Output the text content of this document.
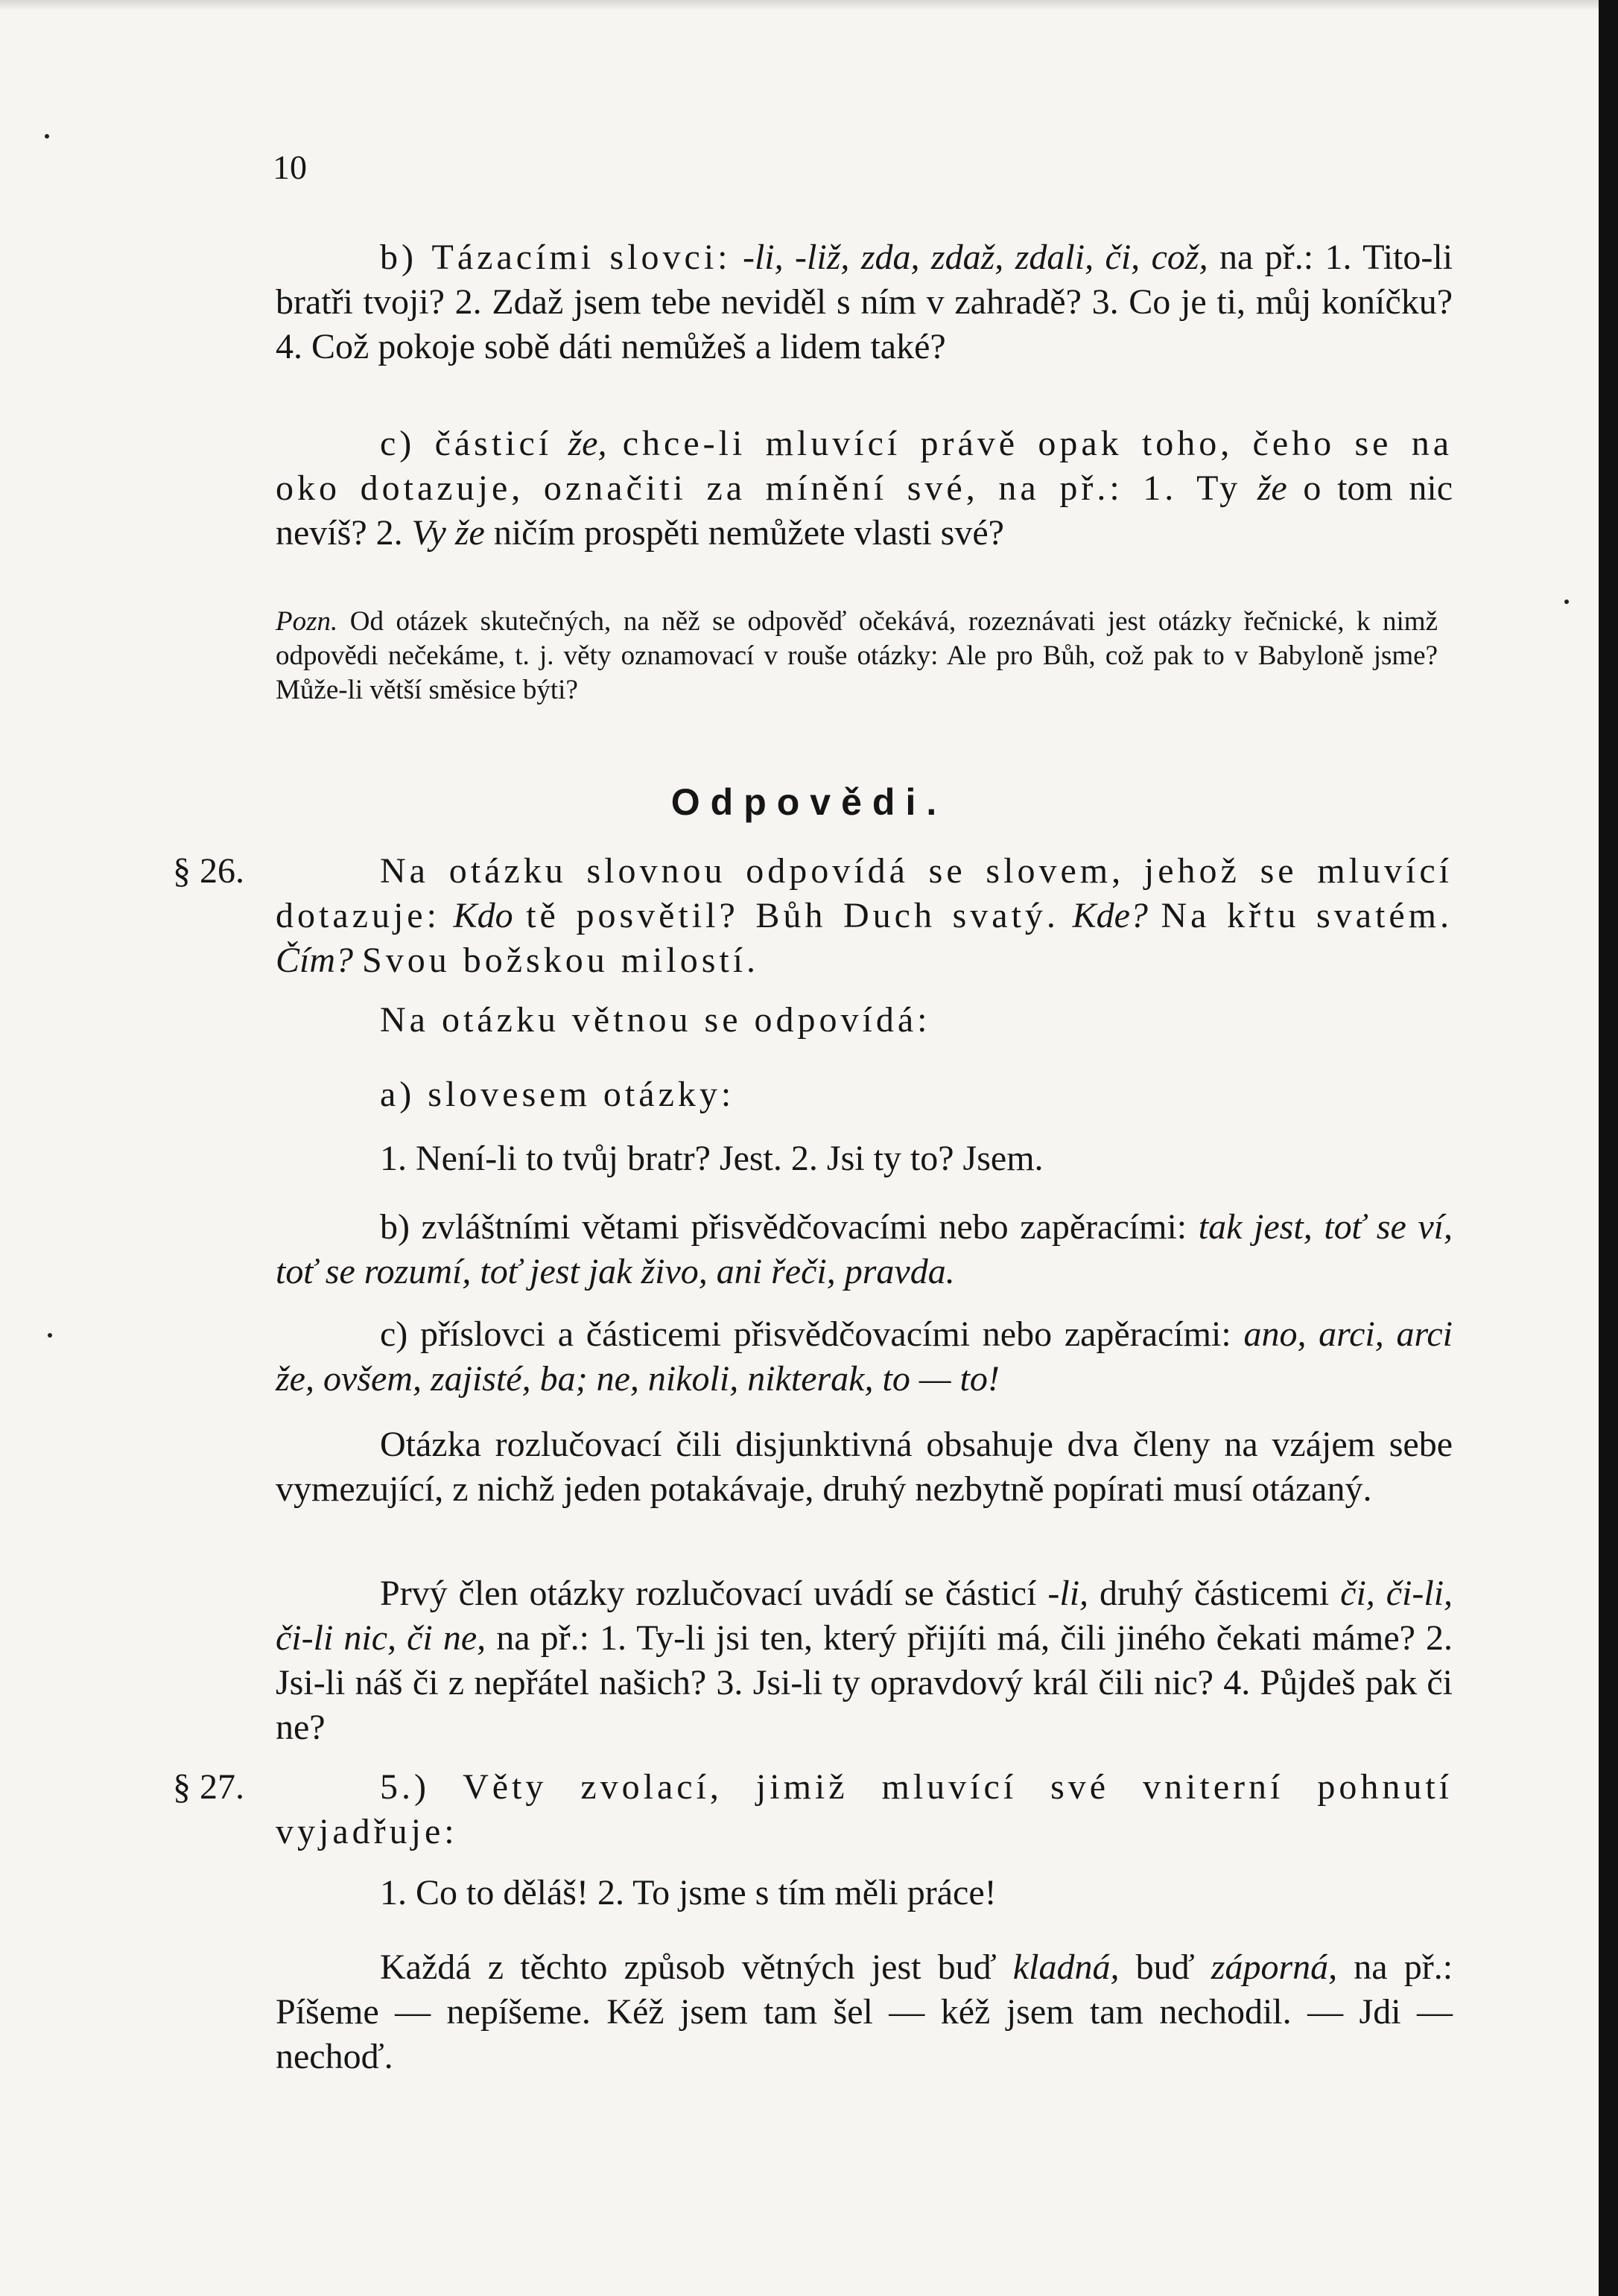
10

b) Tázacími slovci: -li, -liž, zda, zdaž, zdali, či, což, na př.: 1. Tito-li bratři tvoji? 2. Zdaž jsem tebe neviděl s ním v zahradě? 3. Co je ti, můj koníčku? 4. Což pokoje sobě dáti nemůžeš a lidem také?

c) částicí že, chce-li mluvící právě opak toho, čeho se na oko dotazuje, označiti za mínění své, na př.: 1. Ty že o tom nic nevíš? 2. Vy že ničím prospěti nemůžete vlasti své?

Pozn. Od otázek skutečných, na něž se odpověď očekává, rozeznávati jest otázky řečnické, k nimž odpovědi nečekáme, t. j. věty oznamovací v rouše otázky: Ale pro Bůh, což pak to v Babyloně jsme? Může-li větší směsice býti?

Odpovědi.
§ 26.	Na otázku slovnou odpovídá se slovem, jehož se mluvící dotazuje: Kdo tě posvětil? Bůh Duch svatý. Kde? Na křtu svatém. Čím? Svou božskou milostí.

Na otázku větnou se odpovídá:

a) slovesem otázky:

1. Není-li to tvůj bratr? Jest. 2. Jsi ty to? Jsem.

b) zvláštními větami přisvědčovacími nebo zapěracími: tak jest, toť se ví, toť se rozumí, toť jest jak živo, ani řeči, pravda.

c) příslovci a částicemi přisvědčovacími nebo zapěracími: ano, arci, arci že, ovšem, zajisté, ba; ne, nikoli, nikterak, to — to!

Otázka rozlučovací čili disjunktivná obsahuje dva členy na vzájem sebe vymezující, z nichž jeden potakávaje, druhý nezbytně popírati musí otázaný.

Prvý člen otázky rozlučovací uvádí se částicí -li, druhý částicemi či, či-li, či-li nic, či ne, na př.: 1. Ty-li jsi ten, který přijíti má, čili jiného čekati máme? 2. Jsi-li náš či z nepřátel našich? 3. Jsi-li ty opravdový král čili nic? 4. Půjdeš pak či ne?

§ 27.	5.) Věty zvolací, jimiž mluvící své vniterní pohnutí vyjadřuje:

1. Co to děláš! 2. To jsme s tím měli práce!

Každá z těchto způsob větných jest buď kladná, buď záporná, na př.: Píšeme — nepíšeme. Kéž jsem tam šel — kéž jsem tam nechodil. — Jdi — nechoď.
